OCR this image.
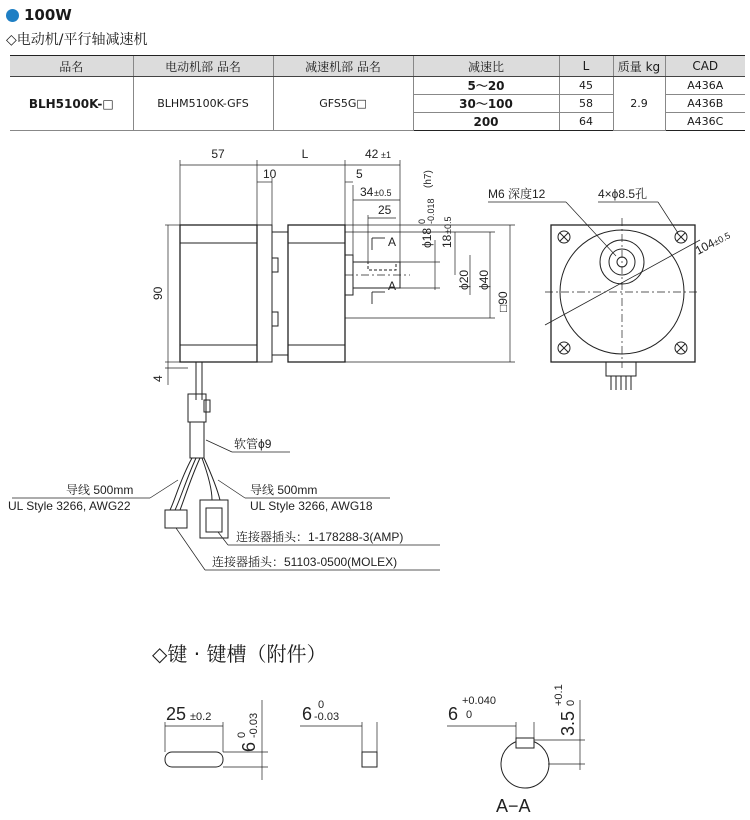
100W
◇电动机/平行轴减速机
品名	电动机部 品名	减速机部 品名	减速比	L	质量 kg	CAD
BLH5100K-□	BLHM5100K-GFS	GFS5G□	5～20	45	2.9	A436A
			30～100	58		A436B
			200	64		A436C
57	L	42 ±1
10	5
34 ±0.5
25
A
A
ϕ18
0 -0.018
(h7)
18
±0.5
ϕ20 ϕ40
□90
90
4
M6 深度12	4×ϕ8.5孔
104
±0.5
软管ϕ9
导线 500mm
UL Style 3266, AWG22
导线 500mm
UL Style 3266, AWG18
连接器插头：1-178288-3(AMP)
连接器插头：51103-0500(MOLEX)
25 ±0.2
6
0 -0.03 6 0
-0.03	6
+0.040
0	3.5
+0.1 0
A−A
◇键 · 键槽（附件）
